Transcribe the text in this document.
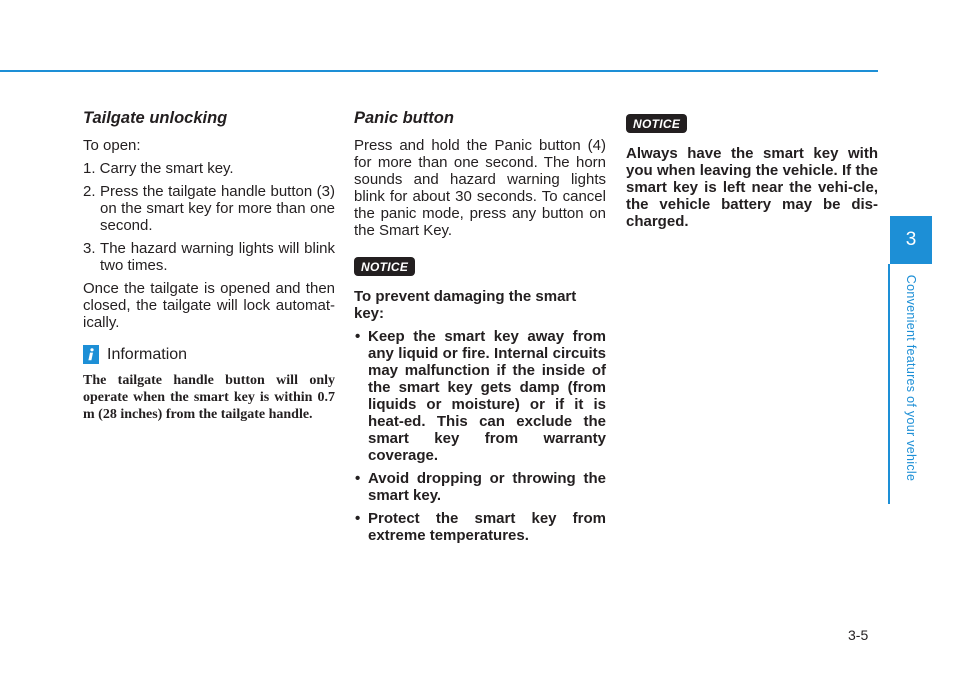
Tailgate unlocking

To open:

1. Carry the smart key.
2. Press the tailgate handle button (3) on the smart key for more than one second.
3. The hazard warning lights will blink two times.

Once the tailgate is opened and then closed, the tailgate will lock automat-ically.

Information

The tailgate handle button will only operate when the smart key is within 0.7 m (28 inches) from the tailgate handle.

Panic button

Press and hold the Panic button (4) for more than one second. The horn sounds and hazard warning lights blink for about 30 seconds. To cancel the panic mode, press any button on the Smart Key.

NOTICE

To prevent damaging the smart key:

• Keep the smart key away from any liquid or fire. Internal circuits may malfunction if the inside of the smart key gets damp (from liquids or moisture) or if it is heat-ed. This can exclude the smart key from warranty coverage.
• Avoid dropping or throwing the smart key.
• Protect the smart key from extreme temperatures.
NOTICE

Always have the smart key with you when leaving the vehicle. If the smart key is left near the vehi-cle, the vehicle battery may be dis-charged.

3
Convenient features of your vehicle
3-5
